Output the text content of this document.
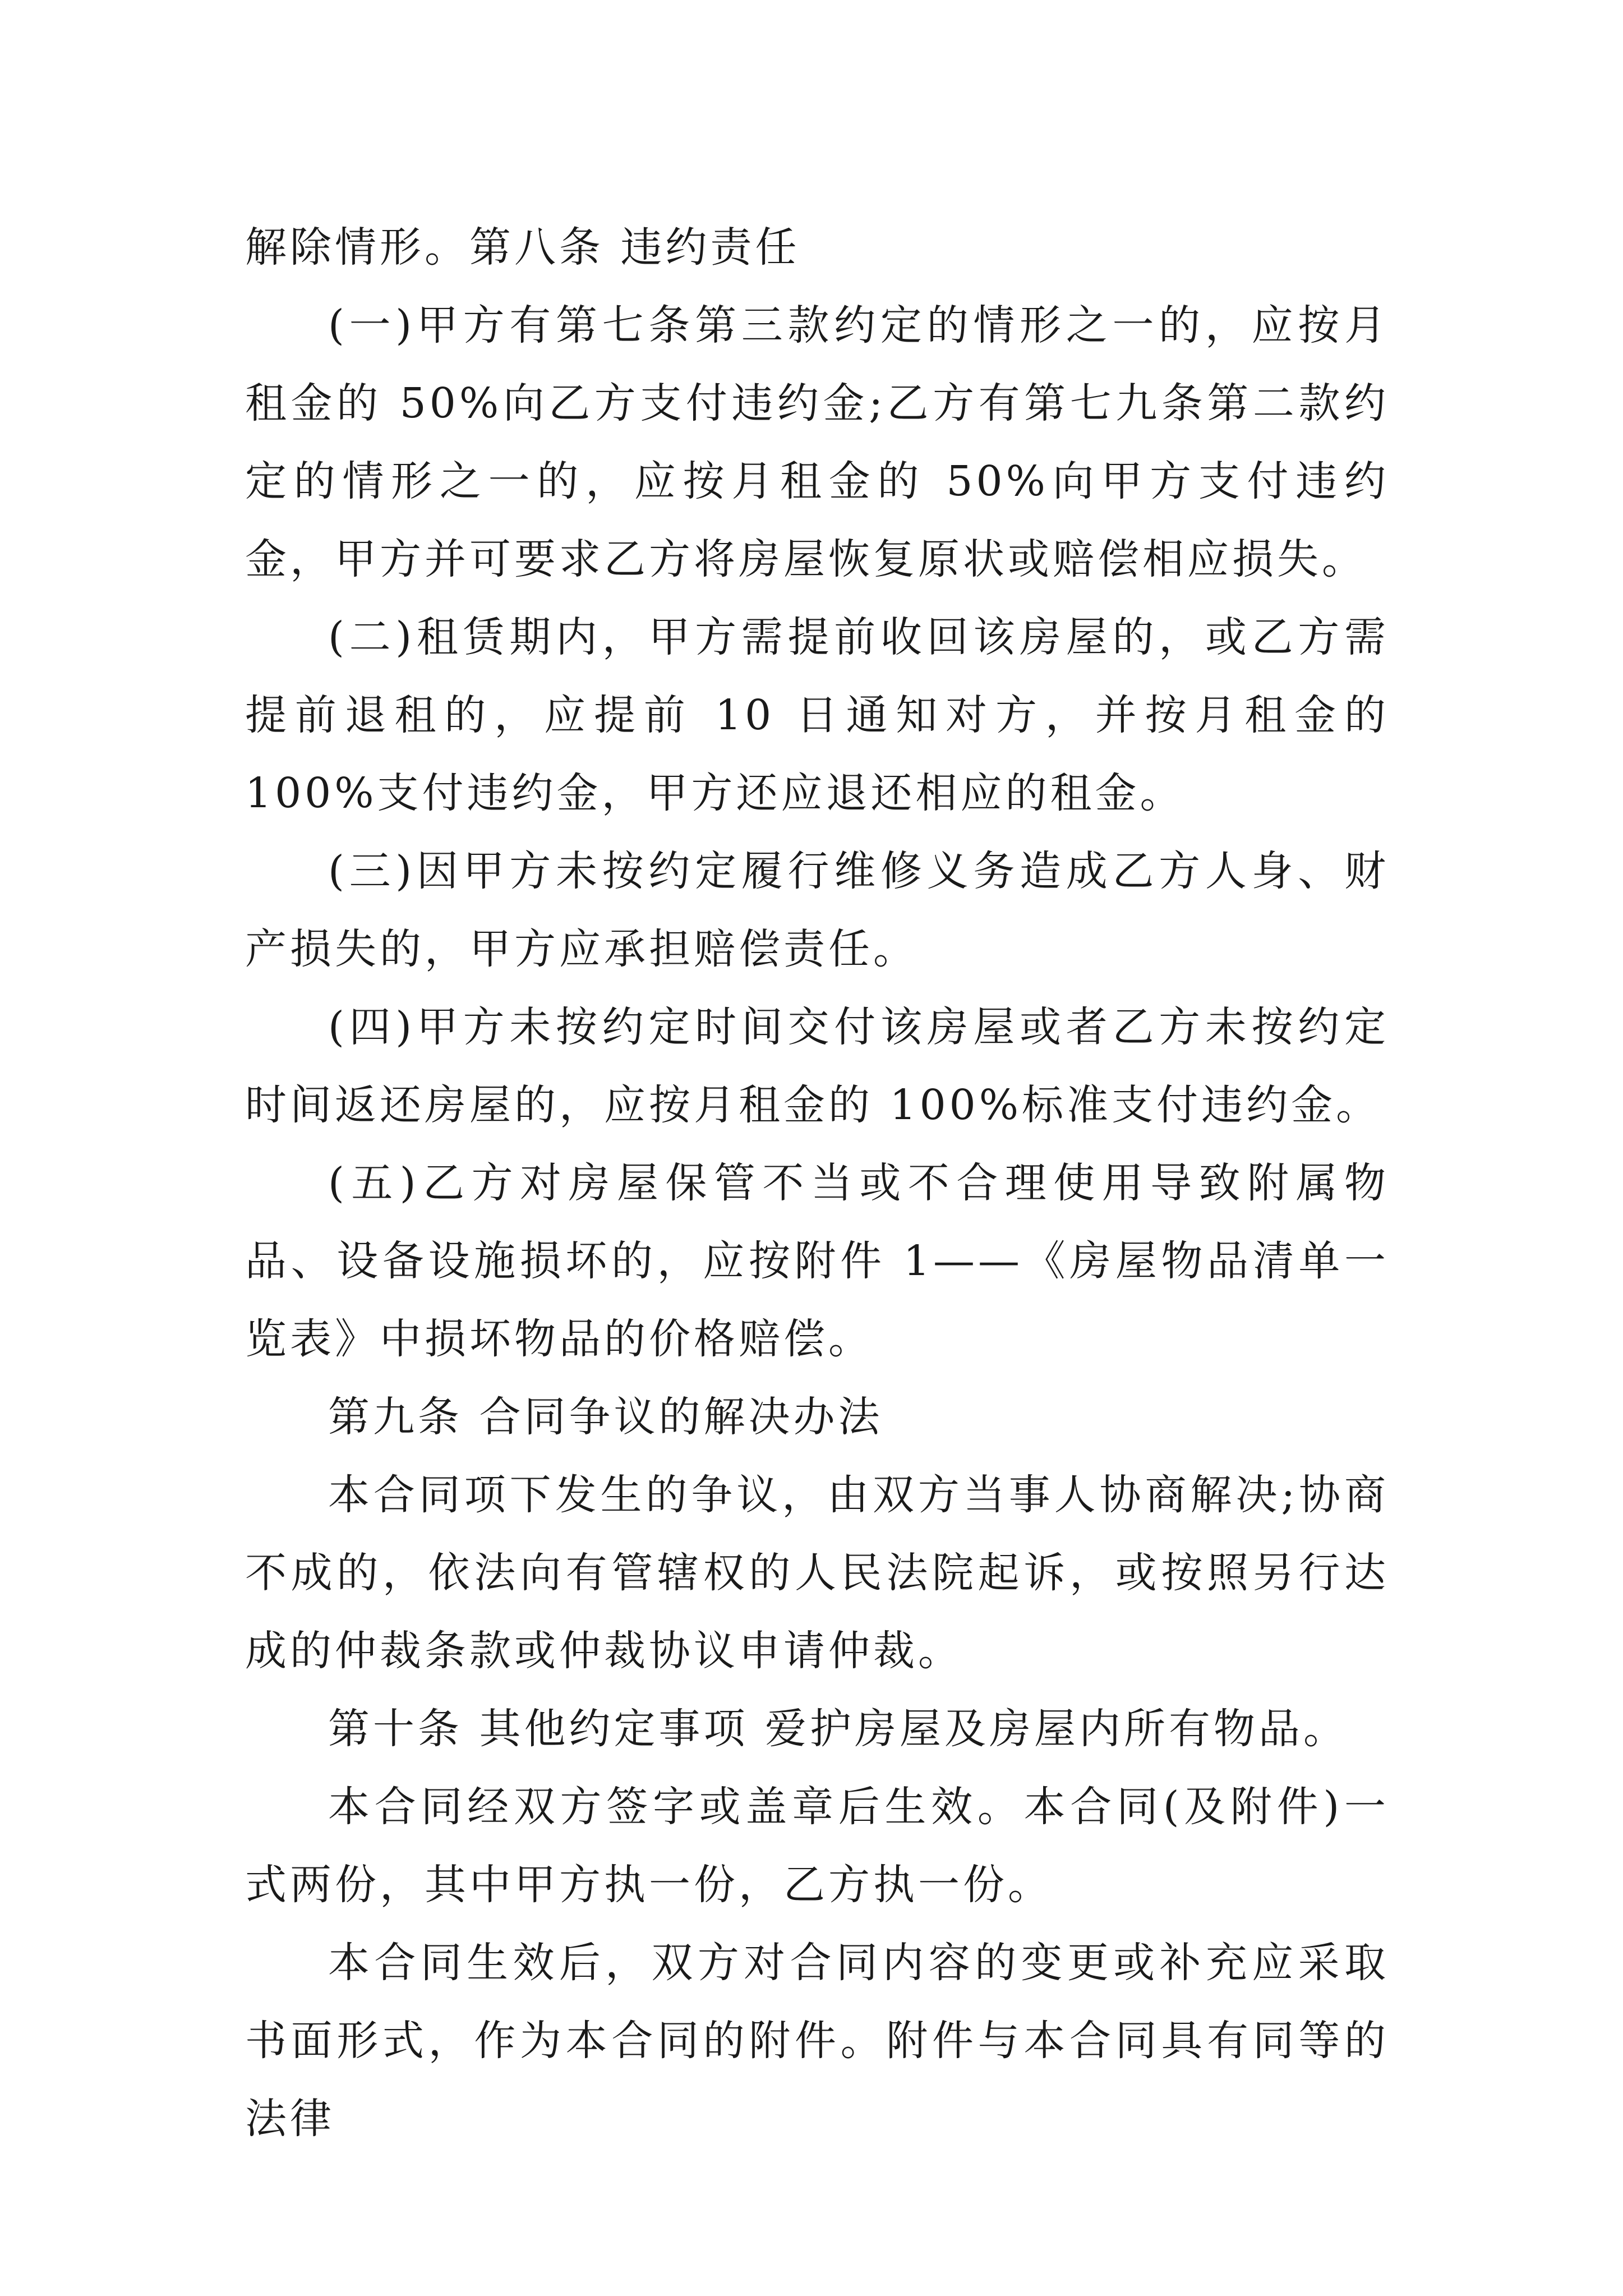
解除情形。第八条 违约责任

(一)甲方有第七条第三款约定的情形之一的，应按月租金的 50%向乙方支付违约金;乙方有第七九条第二款约定的情形之一的，应按月租金的 50%向甲方支付违约金，甲方并可要求乙方将房屋恢复原状或赔偿相应损失。

(二)租赁期内，甲方需提前收回该房屋的，或乙方需提前退租的，应提前 10 日通知对方，并按月租金的 100%支付违约金，甲方还应退还相应的租金。

(三)因甲方未按约定履行维修义务造成乙方人身、财产损失的，甲方应承担赔偿责任。

(四)甲方未按约定时间交付该房屋或者乙方未按约定时间返还房屋的，应按月租金的 100%标准支付违约金。

(五)乙方对房屋保管不当或不合理使用导致附属物品、设备设施损坏的，应按附件 1——《房屋物品清单一览表》中损坏物品的价格赔偿。

第九条 合同争议的解决办法

本合同项下发生的争议，由双方当事人协商解决;协商不成的，依法向有管辖权的人民法院起诉，或按照另行达成的仲裁条款或仲裁协议申请仲裁。

第十条 其他约定事项 爱护房屋及房屋内所有物品。

本合同经双方签字或盖章后生效。本合同(及附件)一式两份，其中甲方执一份，乙方执一份。

本合同生效后，双方对合同内容的变更或补充应采取书面形式，作为本合同的附件。附件与本合同具有同等的法律
